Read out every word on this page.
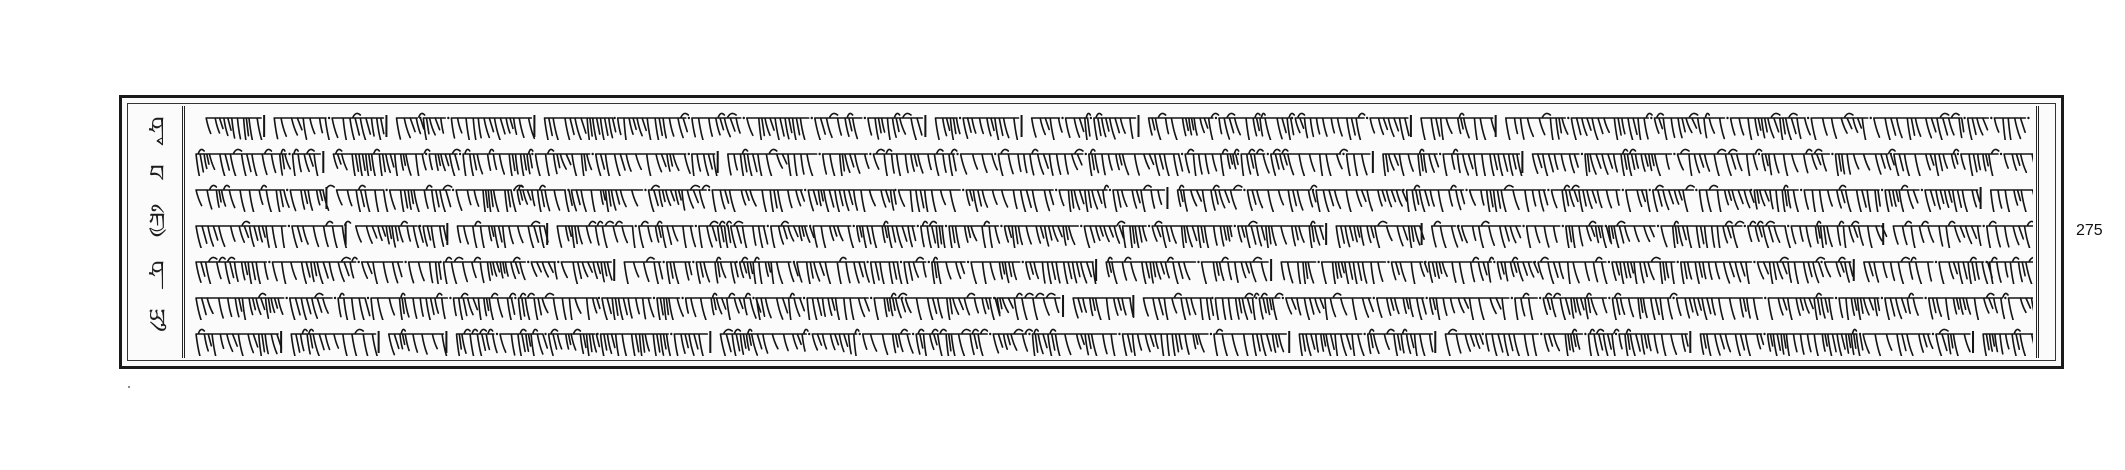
ཤྭ
བ
ཀྱི
ཤ
ཡུ
275
